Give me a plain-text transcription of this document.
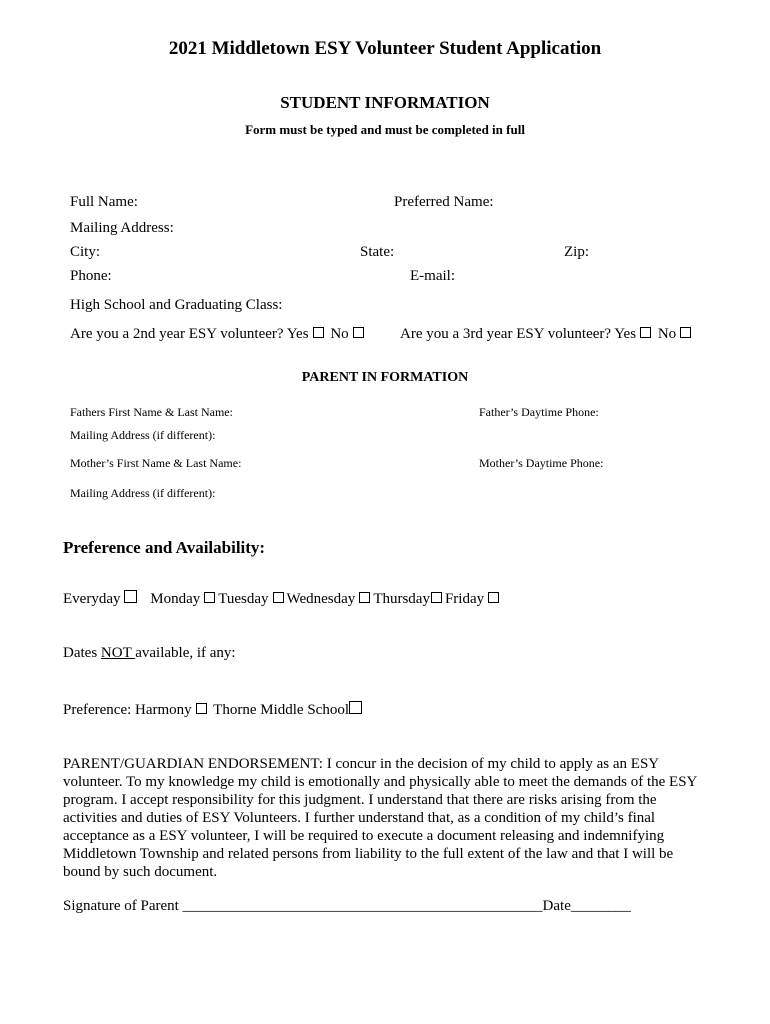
2021 Middletown ESY Volunteer Student Application
STUDENT INFORMATION
Form must be typed and must be completed in full
Full Name:	Preferred Name:
Mailing Address:
City:	State:	Zip:
Phone:	E-mail:
High School and Graduating Class:
Are you a 2nd year ESY volunteer? Yes No	Are you a 3rd year ESY volunteer? Yes No
PARENT IN FORMATION
Fathers First Name & Last Name:	Father’s Daytime Phone:
Mailing Address (if different):
Mother’s First Name & Last Name:	Mother’s Daytime Phone:
Mailing Address (if different):
Preference and Availability:
Everyday Monday Tuesday Wednesday Thursday Friday
Dates NOT available, if any:
Preference: Harmony Thorne Middle School
PARENT/GUARDIAN ENDORSEMENT: I concur in the decision of my child to apply as an ESY
volunteer. To my knowledge my child is emotionally and physically able to meet the demands of the ESY
program. I accept responsibility for this judgment. I understand that there are risks arising from the
activities and duties of ESY Volunteers. I further understand that, as a condition of my child’s final
acceptance as a ESY volunteer, I will be required to execute a document releasing and indemnifying
Middletown Township and related persons from liability to the full extent of the law and that I will be
bound by such document.
Signature of Parent ________________________________________________Date________
